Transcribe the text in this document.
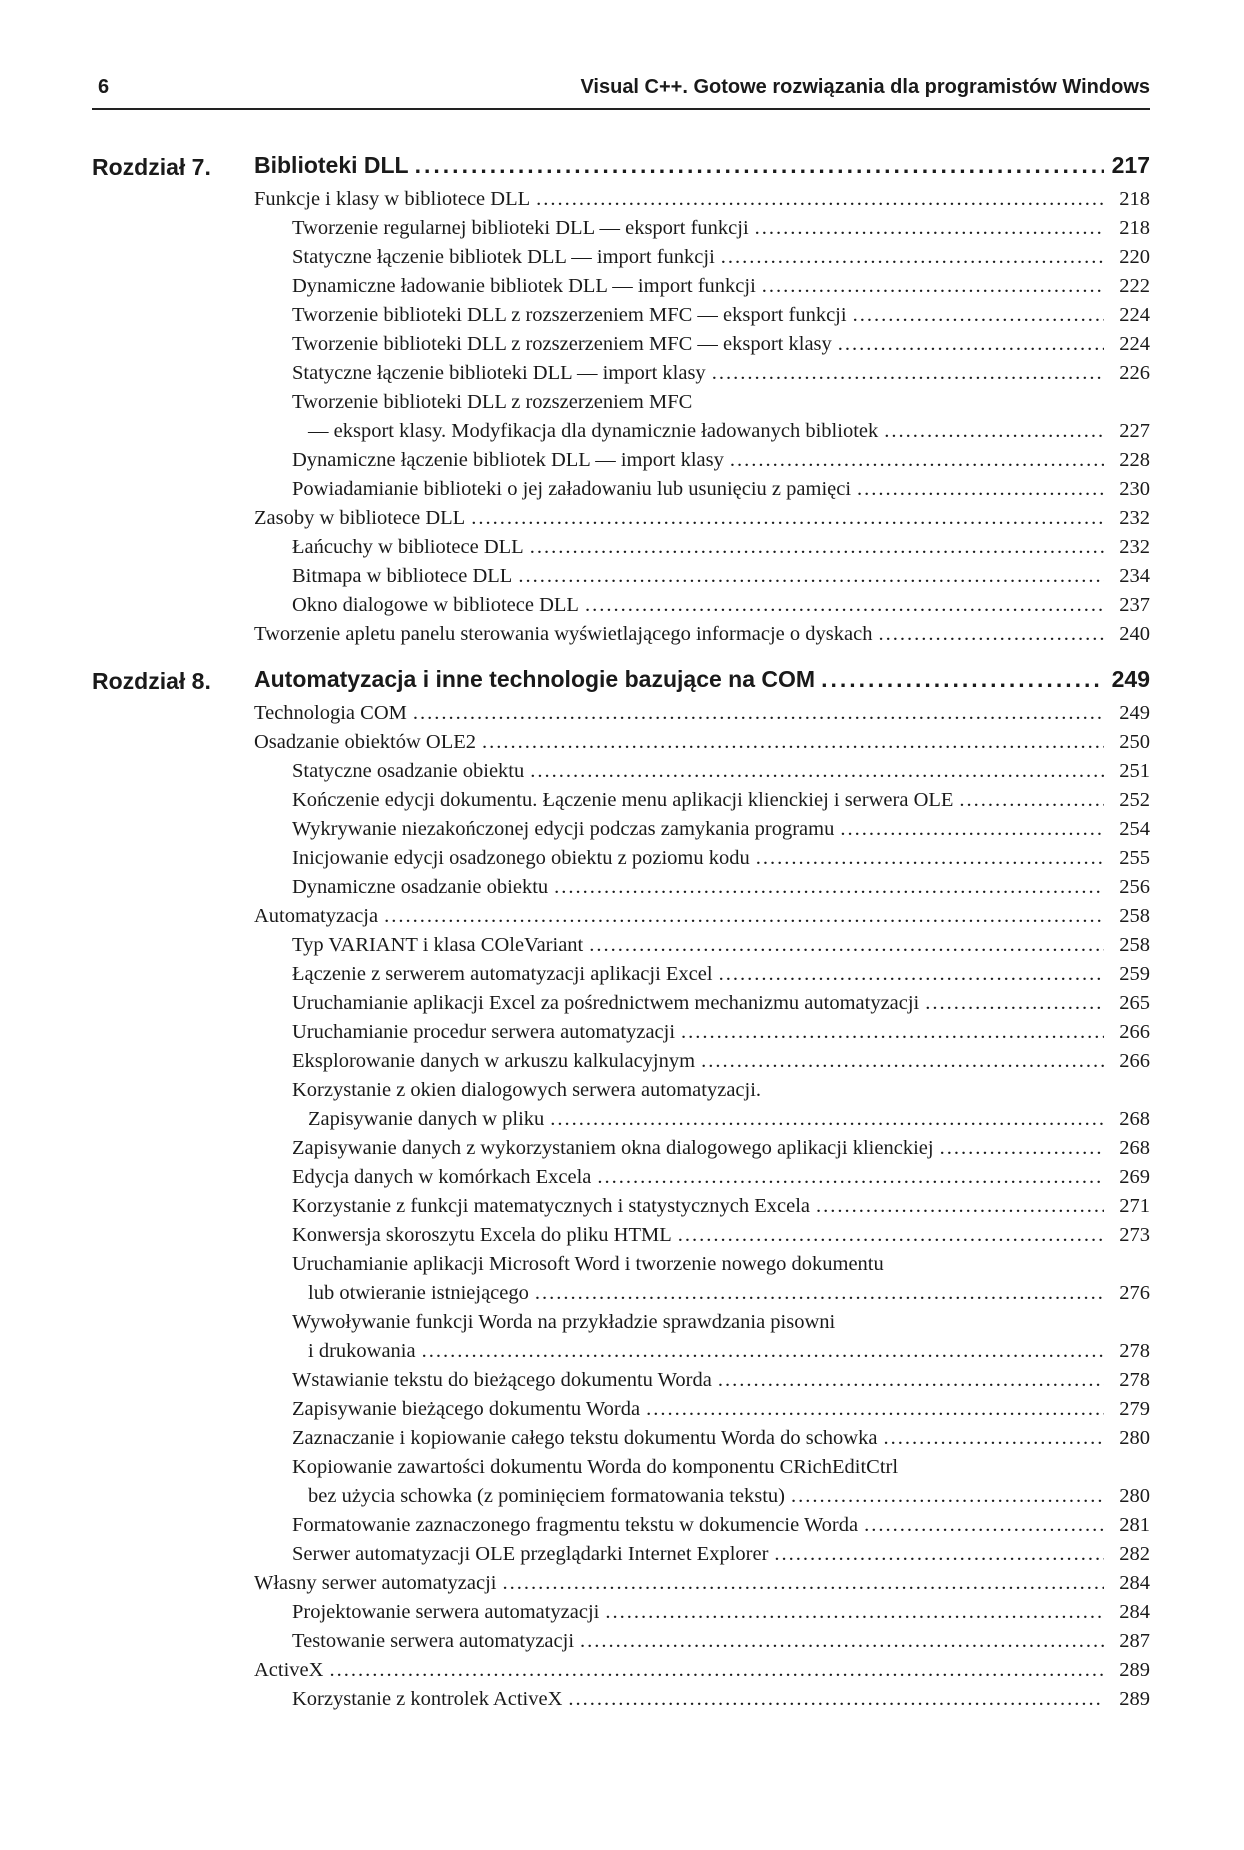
6	Visual C++. Gotowe rozwiązania dla programistów Windows
Rozdział 7.	Biblioteki DLL .....	217
Funkcje i klasy w bibliotece DLL .....	218
Tworzenie regularnej biblioteki DLL — eksport funkcji .....	218
Statyczne łączenie bibliotek DLL — import funkcji .....	220
Dynamiczne ładowanie bibliotek DLL — import funkcji .....	222
Tworzenie biblioteki DLL z rozszerzeniem MFC — eksport funkcji .....	224
Tworzenie biblioteki DLL z rozszerzeniem MFC — eksport klasy .....	224
Statyczne łączenie biblioteki DLL — import klasy .....	226
Tworzenie biblioteki DLL z rozszerzeniem MFC
— eksport klasy. Modyfikacja dla dynamicznie ładowanych bibliotek .....	227
Dynamiczne łączenie bibliotek DLL — import klasy .....	228
Powiadamianie biblioteki o jej załadowaniu lub usunięciu z pamięci .....	230
Zasoby w bibliotece DLL .....	232
Łańcuchy w bibliotece DLL .....	232
Bitmapa w bibliotece DLL .....	234
Okno dialogowe w bibliotece DLL .....	237
Tworzenie apletu panelu sterowania wyświetlającego informacje o dyskach .....	240
Rozdział 8.	Automatyzacja i inne technologie bazujące na COM .....	249
Technologia COM .....	249
Osadzanie obiektów OLE2 .....	250
Statyczne osadzanie obiektu .....	251
Kończenie edycji dokumentu. Łączenie menu aplikacji klienckiej i serwera OLE .....	252
Wykrywanie niezakończonej edycji podczas zamykania programu .....	254
Inicjowanie edycji osadzonego obiektu z poziomu kodu .....	255
Dynamiczne osadzanie obiektu .....	256
Automatyzacja .....	258
Typ VARIANT i klasa COleVariant .....	258
Łączenie z serwerem automatyzacji aplikacji Excel .....	259
Uruchamianie aplikacji Excel za pośrednictwem mechanizmu automatyzacji .....	265
Uruchamianie procedur serwera automatyzacji .....	266
Eksplorowanie danych w arkuszu kalkulacyjnym .....	266
Korzystanie z okien dialogowych serwera automatyzacji.
Zapisywanie danych w pliku .....	268
Zapisywanie danych z wykorzystaniem okna dialogowego aplikacji klienckiej .....	268
Edycja danych w komórkach Excela .....	269
Korzystanie z funkcji matematycznych i statystycznych Excela .....	271
Konwersja skoroszytu Excela do pliku HTML .....	273
Uruchamianie aplikacji Microsoft Word i tworzenie nowego dokumentu
lub otwieranie istniejącego .....	276
Wywoływanie funkcji Worda na przykładzie sprawdzania pisowni
i drukowania .....	278
Wstawianie tekstu do bieżącego dokumentu Worda .....	278
Zapisywanie bieżącego dokumentu Worda .....	279
Zaznaczanie i kopiowanie całego tekstu dokumentu Worda do schowka .....	280
Kopiowanie zawartości dokumentu Worda do komponentu CRichEditCtrl
bez użycia schowka (z pominięciem formatowania tekstu) .....	280
Formatowanie zaznaczonego fragmentu tekstu w dokumencie Worda .....	281
Serwer automatyzacji OLE przeglądarki Internet Explorer .....	282
Własny serwer automatyzacji .....	284
Projektowanie serwera automatyzacji .....	284
Testowanie serwera automatyzacji .....	287
ActiveX .....	289
Korzystanie z kontrolek ActiveX .....	289
